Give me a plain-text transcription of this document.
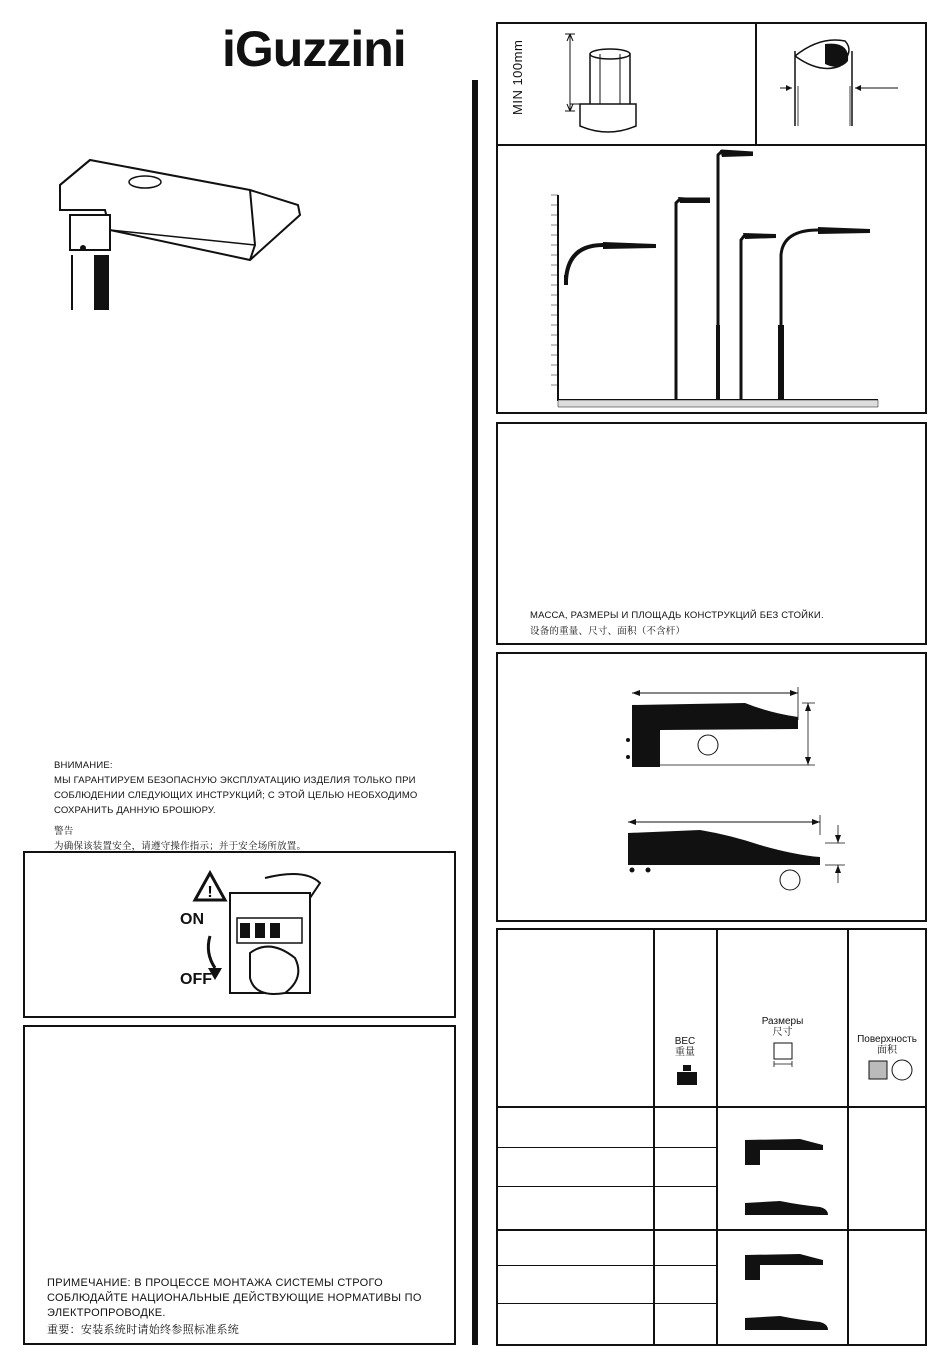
iGuzzini

ВНИМАНИЕ:

МЫ ГАРАНТИРУЕМ БЕЗОПАСНУЮ ЭКСПЛУАТАЦИЮ ИЗДЕЛИЯ ТОЛЬКО ПРИ СОБЛЮДЕНИИ СЛЕДУЮЩИХ ИНСТРУКЦИЙ; С ЭТОЙ ЦЕЛЬЮ НЕОБХОДИМО СОХРАНИТЬ ДАННУЮ БРОШЮРУ.

警告

为确保该装置安全，请遵守操作指示；并于安全场所放置。

!
ON
OFF

ПРИМЕЧАНИЕ: В ПРОЦЕССЕ МОНТАЖА СИСТЕМЫ СТРОГО СОБЛЮДАЙТЕ НАЦИОНАЛЬНЫЕ ДЕЙСТВУЮЩИЕ НОРМАТИВЫ ПО ЭЛЕКТРОПРОВОДКЕ.

重要：安装系统时请始终参照标准系统

MIN 100mm

МАССА, РАЗМЕРЫ И ПЛОЩАДЬ КОНСТРУКЦИЙ БЕЗ СТОЙКИ.

设备的重量、尺寸、面积（不含杆）

ВЕС
重量
Размеры
尺寸
Поверхность
面积
